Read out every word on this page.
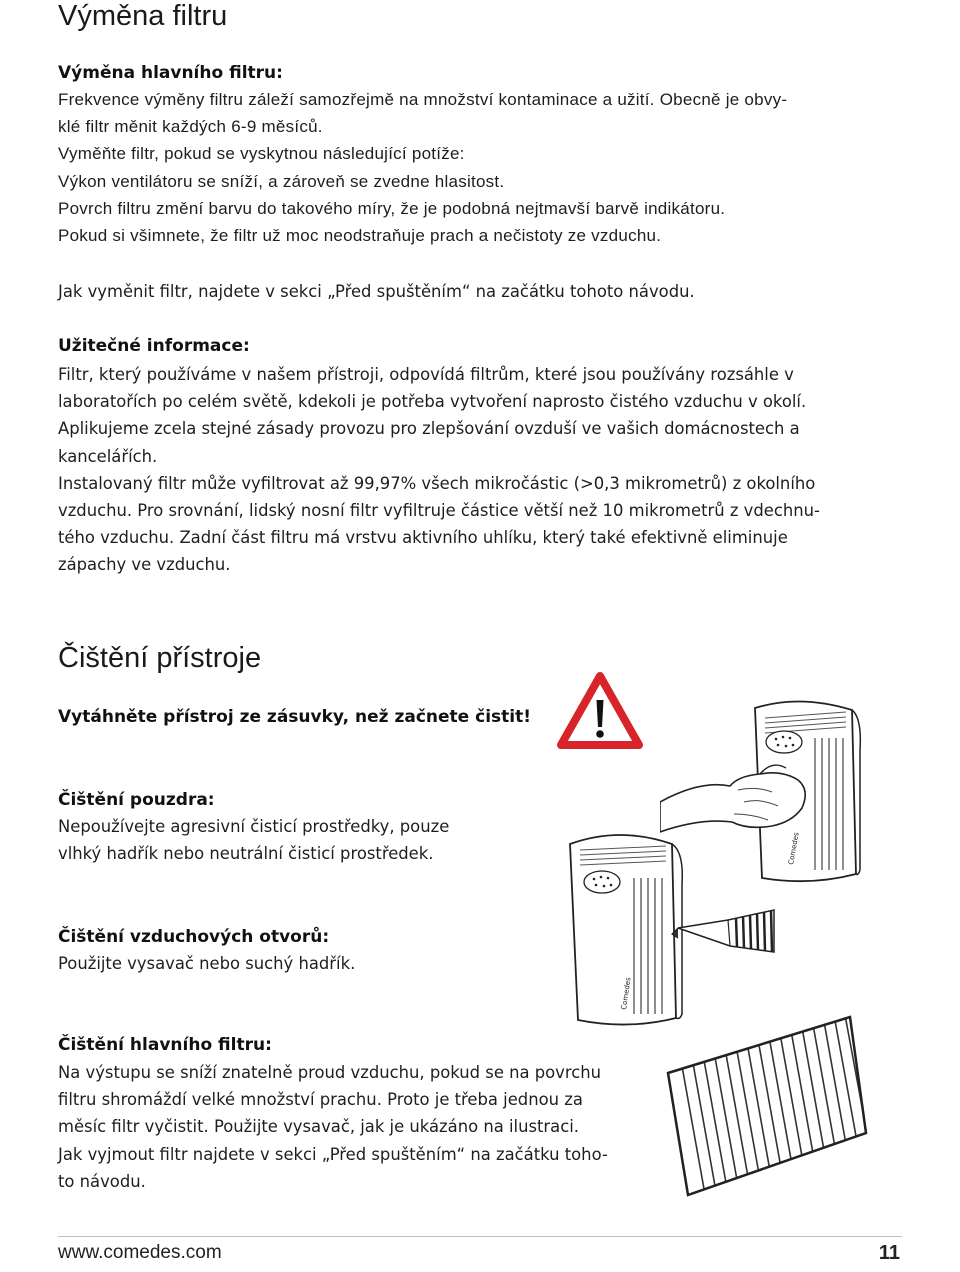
Výměna filtru
Výměna hlavního filtru:
Frekvence výměny filtru záleží samozřejmě na množství kontaminace a užití. Obecně je obvy-
klé filtr měnit každých 6-9 měsíců.
Vyměňte filtr, pokud se vyskytnou následující potíže:
Výkon ventilátoru se sníží, a zároveň se zvedne hlasitost.
Povrch filtru změní barvu do takového míry, že je podobná nejtmavší barvě indikátoru.
Pokud si všimnete, že filtr už moc neodstraňuje prach a nečistoty ze vzduchu.
Jak vyměnit filtr, najdete v sekci „Před spuštěním“ na začátku tohoto návodu.
Užitečné informace:
Filtr, který používáme v našem přístroji, odpovídá filtrům, které jsou používány rozsáhle v
laboratořích po celém světě, kdekoli je potřeba vytvoření naprosto čistého vzduchu v okolí.
Aplikujeme zcela stejné zásady provozu pro zlepšování ovzduší ve vašich domácnostech a
kancelářích.
Instalovaný filtr může vyfiltrovat až 99,97% všech mikročástic (>0,3 mikrometrů) z okolního
vzduchu. Pro srovnání, lidský nosní filtr vyfiltruje částice větší než 10 mikrometrů z vdechnu-
tého vzduchu. Zadní část filtru má vrstvu aktivního uhlíku, který také efektivně eliminuje
zápachy ve vzduchu.
Čištění přístroje
Vytáhněte přístroj ze zásuvky, než začnete čistit!
Čištění pouzdra:
Nepoužívejte agresivní čisticí prostředky, pouze
vlhký hadřík nebo neutrální čisticí prostředek.
Čištění vzduchových otvorů:
Použijte vysavač nebo suchý hadřík.
Čištění hlavního filtru:
Na výstupu se sníží znatelně proud vzduchu, pokud se na povrchu
filtru shromáždí velké množství prachu. Proto je třeba jednou za
měsíc filtr vyčistit. Použijte vysavač, jak je ukázáno na ilustraci.
Jak vyjmout filtr najdete v sekci „Před spuštěním“ na začátku toho-
to návodu.
Comedes
Comedes
www.comedes.com	11
